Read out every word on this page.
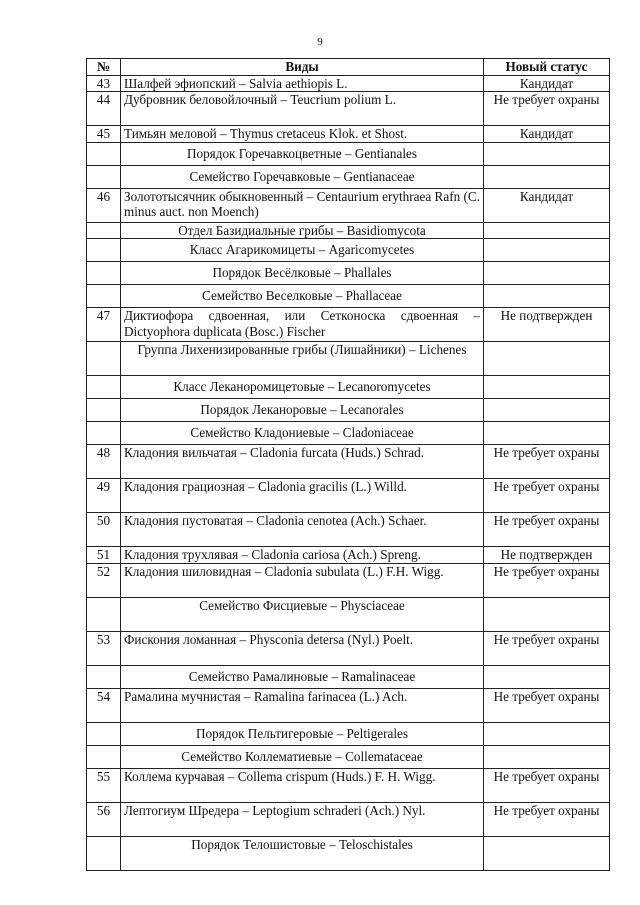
9
№	Виды	Новый статус
43	Шалфей эфиопский – Salvia aethiopis L.	Кандидат
44	Дубровник беловойлочный – Teucrium polium L.	Не требует охраны
45	Тимьян меловой – Thymus cretaceus Klok. et Shost.	Кандидат
	Порядок Горечавкоцветные – Gentianales	
	Семейство Горечавковые – Gentianaceae	
46	Золототысячник обыкновенный – Centaurium erythraea Rafn (C. minus auct. non Moench)	Кандидат
	Отдел Базидиальные грибы – Basidiomycota	
	Класс Агарикомицеты – Agaricomycetes	
	Порядок Весёлковые – Phallales	
	Семейство Веселковые – Phallaceae	
47	Диктиофора сдвоенная, или Сетконоска сдвоенная – Dictyophora duplicata (Bosc.) Fischer	Не подтвержден
	Группа Лихенизированные грибы (Лишайники) – Lichenes	
	Класс Леканоромицетовые – Lecanoromycetes	
	Порядок Леканоровые – Lecanorales	
	Семейство Кладониевые – Cladoniaceae	
48	Кладония вильчатая – Cladonia furcata (Huds.) Schrad.	Не требует охраны
49	Кладония грациозная – Cladonia gracilis (L.) Willd.	Не требует охраны
50	Кладония пустоватая – Cladonia cenotea (Ach.) Schaer.	Не требует охраны
51	Кладония трухлявая – Cladonia cariosa (Ach.) Spreng.	Не подтвержден
52	Кладония шиловидная – Cladonia subulata (L.) F.H. Wigg.	Не требует охраны
	Семейство Фисциевые – Physciaceae	
53	Фискония ломанная – Physconia detersa (Nyl.) Poelt.	Не требует охраны
	Семейство Рамалиновые – Ramalinaceae	
54	Рамалина мучнистая – Ramalina farinacea (L.) Ach.	Не требует охраны
	Порядок Пельтигеровые – Peltigerales	
	Семейство Коллематиевые – Collemataceae	
55	Коллема курчавая – Collema crispum (Huds.) F. H. Wigg.	Не требует охраны
56	Лептогиум Шредера – Leptogium schraderi (Ach.) Nyl.	Не требует охраны
	Порядок Телошистовые – Teloschistales	
